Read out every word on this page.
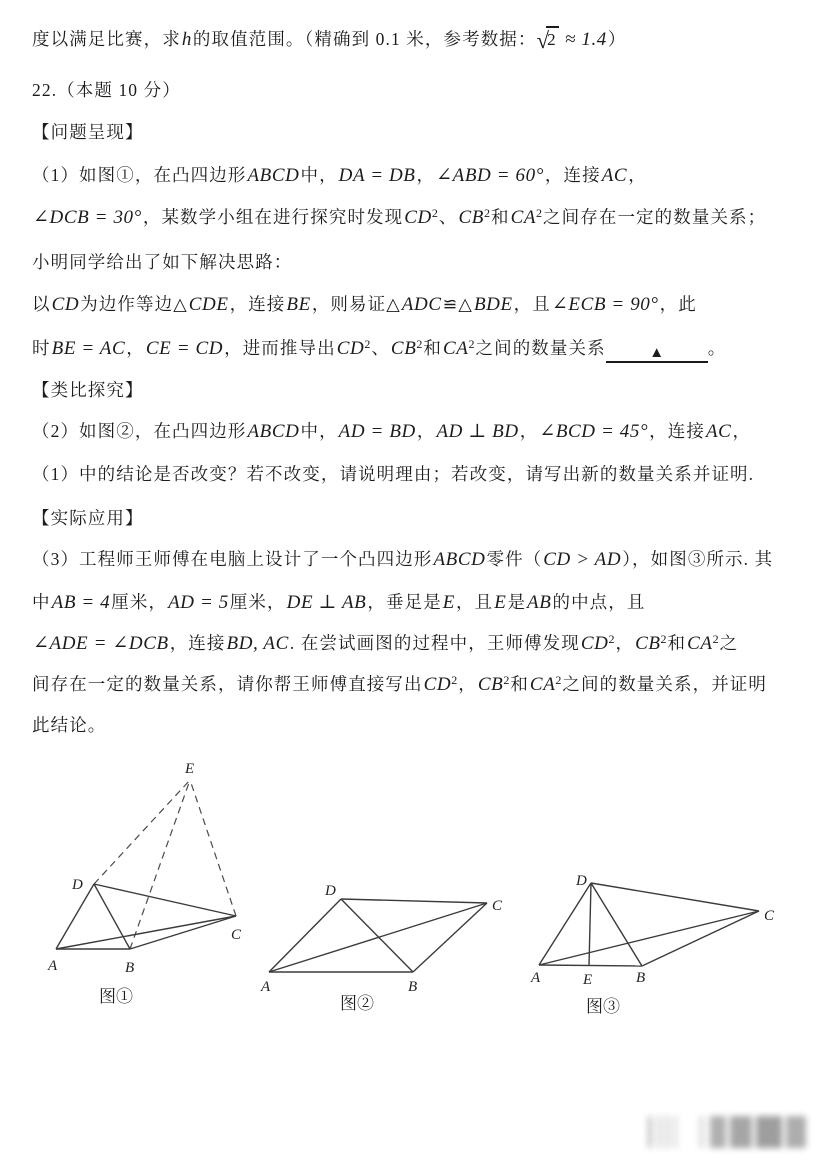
度以满足比赛，求h的取值范围。（精确到 0.1 米，参考数据：√2 ≈ 1.4）
22.（本题 10 分）
【问题呈现】
（1）如图①，在凸四边形ABCD中，DA = DB，∠ABD = 60°，连接AC，
∠DCB = 30°，某数学小组在进行探究时发现$CD^2$、$CB^2$和$CA^2$之间存在一定的数量关系；
小明同学给出了如下解决思路：
以CD为边作等边△CDE，连接BE，则易证△ADC≌△BDE，且∠ECB = 90°，此
时BE = AC，CE = CD，进而推导出$CD^2$、$CB^2$和$CA^2$之间的数量关系	▲ 。
【类比探究】
（2）如图②，在凸四边形ABCD中，AD = BD，AD ⊥ BD，∠BCD = 45°，连接AC，
（1）中的结论是否改变？若不改变，请说明理由；若改变，请写出新的数量关系并证明.
【实际应用】
（3）工程师王师傅在电脑上设计了一个凸四边形ABCD零件（CD > AD），如图③所示. 其
中AB = 4厘米，AD = 5厘米，DE ⊥ AB，垂足是E，且E是AB的中点，且
∠ADE = ∠DCB，连接BD, AC. 在尝试画图的过程中，王师傅发现$CD^2$，$CB^2$和$CA^2$之
间存在一定的数量关系，请你帮王师傅直接写出$CD^2$，$CB^2$和$CA^2$之间的数量关系，并证明
此结论。
E
D
A	B
C
图①
D
C
A	B
图②
D
C
A	E	B
图③
